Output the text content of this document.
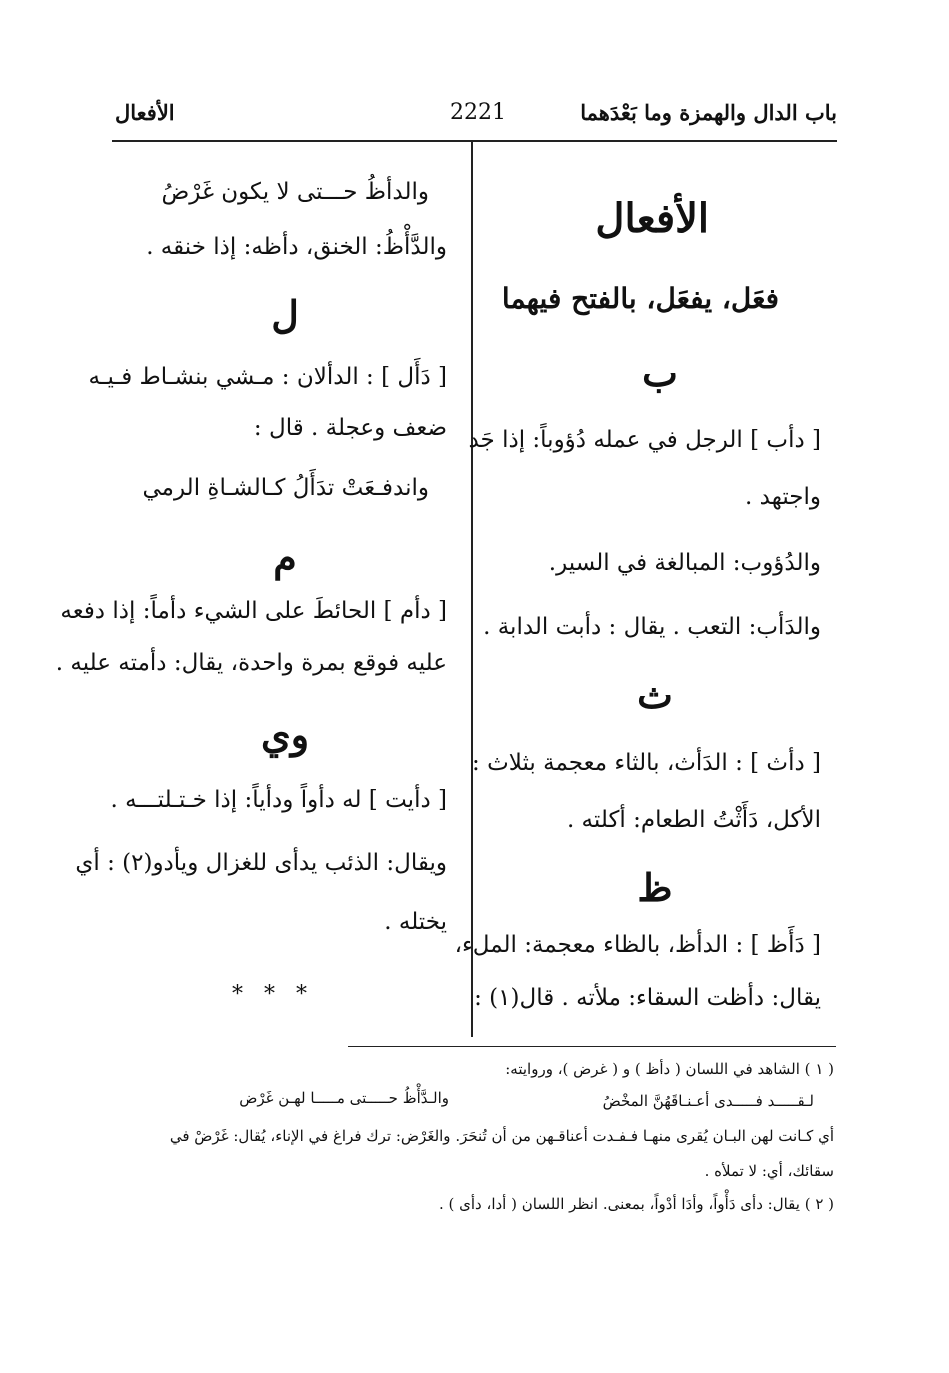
باب الدال والهمزة وما بَعْدَهما
2221
الأفعال
الأفعال
فعَل، يفعَل، بالفتح فيهما
ب
[ دأب ] الرجل في عمله دُؤوباً: إذا جَد
واجتهد .
والدُؤوب: المبالغة في السير.
والدَأب: التعب . يقال : دأبت الدابة .
ث
[ دأث ] : الدَأث، بالثاء معجمة بثلاث :
الأكل، دَأَثْتُ الطعام: أكلته .
ظ
[ دَأَظ ] : الدأظ، بالظاء معجمة: الملء،
يقال: دأظت السقاء: ملأته . قال(١) :
والدأظُ حـــتى لا يكون غَرْضُ
والدَّأْظُ: الخنق، دأظه: إذا خنقه .
ل
[ دَأَل ] : الدألان : مـشي بنشـاط فـيـه
ضعف وعجلة . قال :
واندفـعَتْ تدَأَلُ كـالشـاةِ الرمي
م
[ دأم ] الحائطَ على الشيء دأماً: إذا دفعه
عليه فوقع بمرة واحدة، يقال: دأمته عليه .
وي
[ دأيت ] له دأواً ودأياً: إذا خـتـلتـــه .
ويقال: الذئب يدأى للغزال ويأدو(٢) : أي
يختله .
*   *   *
( ١ ) الشاهد في اللسان ( دأظ ) و ( غرض )، وروايته:
لـقـــــد فـــــدى أعـنـاقَهُنَّ المخْضُ
والـدَّأْظُ حـــــتى مـــــا لهـن غَرْض
أي كـانت لهن البـان يُقرى منهـا فـفـدت أعناقـهن من أن تُنحَرَ. والغَرْض: ترك فراغ في الإناء، يُقال: غَرْضْ في
سقائك، أي: لا تملأه .
( ٢ ) يقال: دأى دَأْواً، وأدَا أدْواً، بمعنى. انظر اللسان ( أدا، دأى ) .
